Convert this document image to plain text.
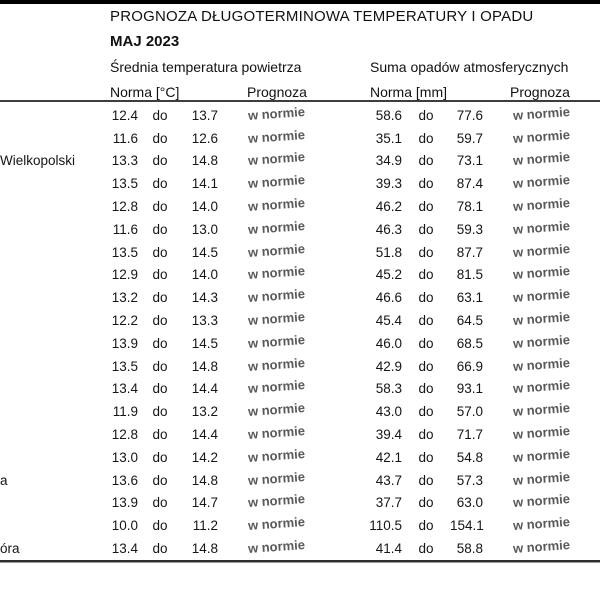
PROGNOZA DŁUGOTERMINOWA TEMPERATURY I OPADU
MAJ 2023
Średnia temperatura powietrza	Suma opadów atmosferycznych
Norma [°C]	Prognoza	Norma [mm]	Prognoza
12.4	do	13.7	w normie	58.6	do	77.6	w normie
11.6	do	12.6	w normie	35.1	do	59.7	w normie
Wielkopolski	13.3	do	14.8	w normie	34.9	do	73.1	w normie
13.5	do	14.1	w normie	39.3	do	87.4	w normie
12.8	do	14.0	w normie	46.2	do	78.1	w normie
11.6	do	13.0	w normie	46.3	do	59.3	w normie
13.5	do	14.5	w normie	51.8	do	87.7	w normie
12.9	do	14.0	w normie	45.2	do	81.5	w normie
13.2	do	14.3	w normie	46.6	do	63.1	w normie
12.2	do	13.3	w normie	45.4	do	64.5	w normie
13.9	do	14.5	w normie	46.0	do	68.5	w normie
13.5	do	14.8	w normie	42.9	do	66.9	w normie
13.4	do	14.4	w normie	58.3	do	93.1	w normie
11.9	do	13.2	w normie	43.0	do	57.0	w normie
12.8	do	14.4	w normie	39.4	do	71.7	w normie
13.0	do	14.2	w normie	42.1	do	54.8	w normie
a	13.6	do	14.8	w normie	43.7	do	57.3	w normie
13.9	do	14.7	w normie	37.7	do	63.0	w normie
10.0	do	11.2	w normie	110.5	do	154.1	w normie
óra	13.4	do	14.8	w normie	41.4	do	58.8	w normie
